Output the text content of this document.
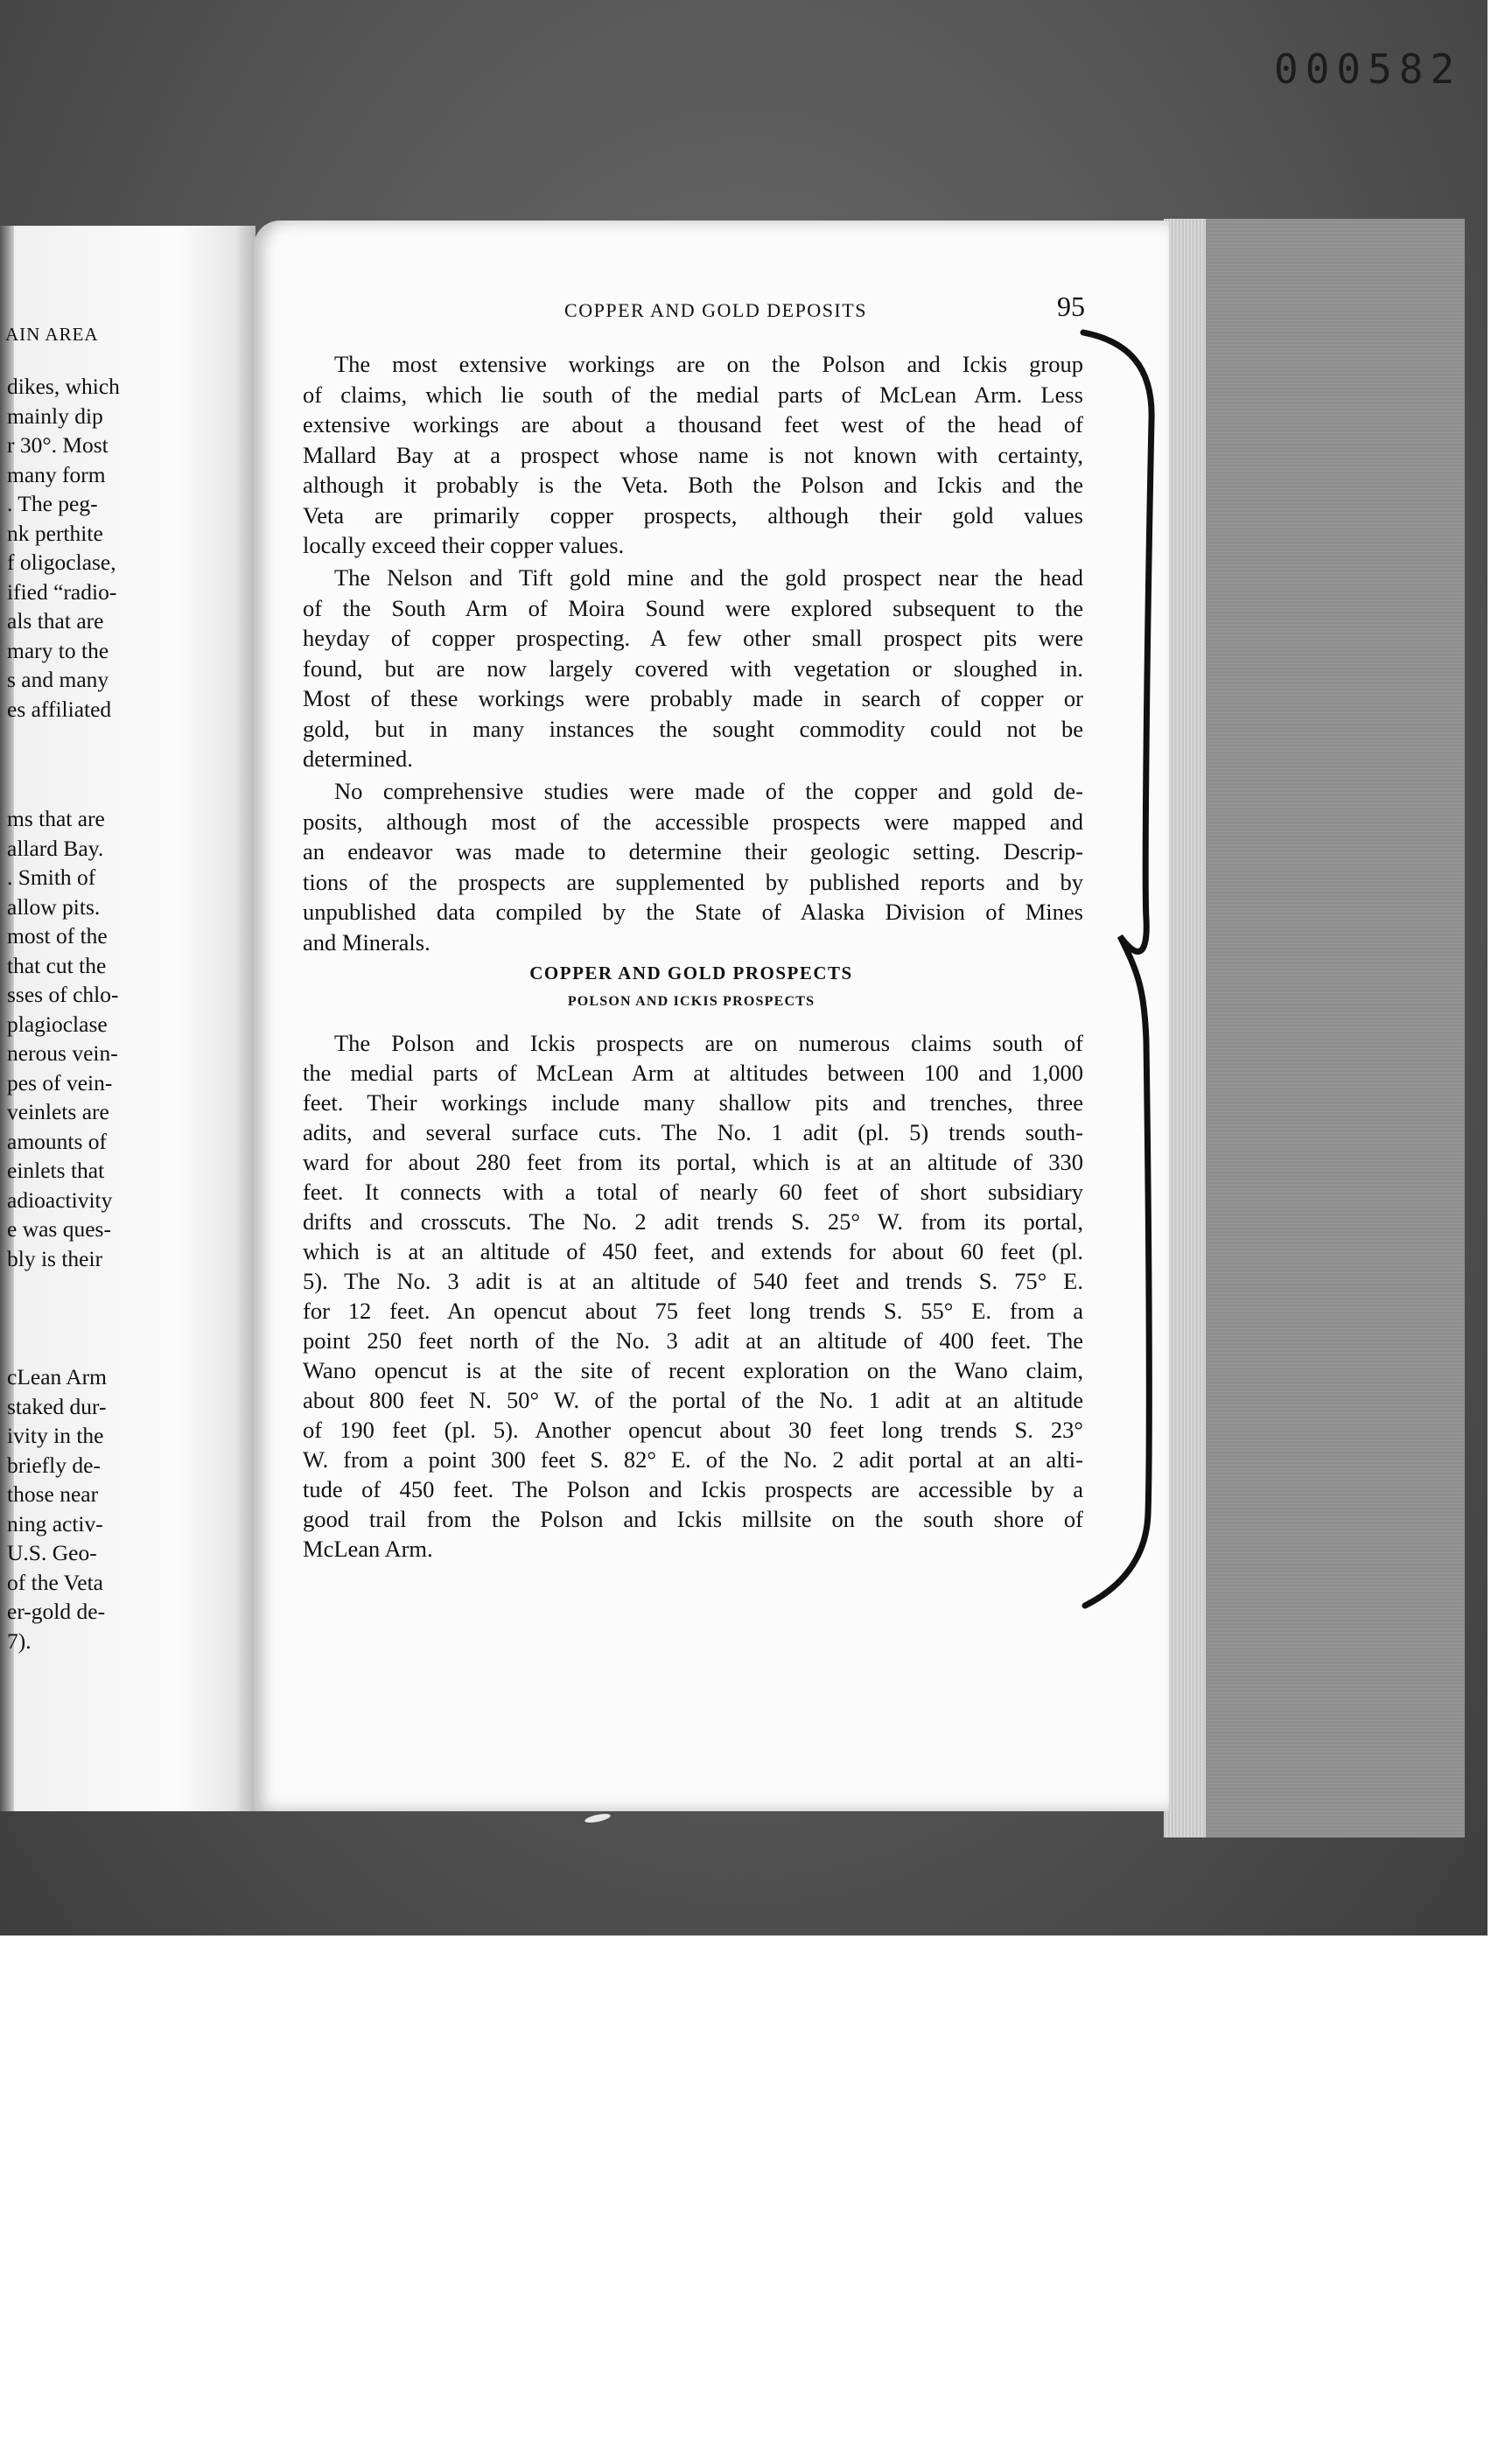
000582
AIN AREA
dikes, which
mainly dip
r 30°. Most
many form
. The peg-
nk perthite
f oligoclase,
ified “radio-
als that are
mary to the
s and many
es affiliated
ms that are
allard Bay.
. Smith of
allow pits.
most of the
that cut the
sses of chlo-
plagioclase
nerous vein-
pes of vein-
veinlets are
amounts of
einlets that
adioactivity
e was ques-
bly is their
cLean Arm
staked dur-
ivity in the
briefly de-
those near
ning activ-
U.S. Geo-
of the Veta
er-gold de-
7).
COPPER AND GOLD DEPOSITS	95
The most extensive workings are on the Polson and Ickis group
of claims, which lie south of the medial parts of McLean Arm. Less
extensive workings are about a thousand feet west of the head of
Mallard Bay at a prospect whose name is not known with certainty,
although it probably is the Veta. Both the Polson and Ickis and the
Veta are primarily copper prospects, although their gold values
locally exceed their copper values.
The Nelson and Tift gold mine and the gold prospect near the head
of the South Arm of Moira Sound were explored subsequent to the
heyday of copper prospecting. A few other small prospect pits were
found, but are now largely covered with vegetation or sloughed in.
Most of these workings were probably made in search of copper or
gold, but in many instances the sought commodity could not be
determined.
No comprehensive studies were made of the copper and gold de-
posits, although most of the accessible prospects were mapped and
an endeavor was made to determine their geologic setting. Descrip-
tions of the prospects are supplemented by published reports and by
unpublished data compiled by the State of Alaska Division of Mines
and Minerals.
COPPER AND GOLD PROSPECTS
POLSON AND ICKIS PROSPECTS
The Polson and Ickis prospects are on numerous claims south of
the medial parts of McLean Arm at altitudes between 100 and 1,000
feet. Their workings include many shallow pits and trenches, three
adits, and several surface cuts. The No. 1 adit (pl. 5) trends south-
ward for about 280 feet from its portal, which is at an altitude of 330
feet. It connects with a total of nearly 60 feet of short subsidiary
drifts and crosscuts. The No. 2 adit trends S. 25° W. from its portal,
which is at an altitude of 450 feet, and extends for about 60 feet (pl.
5). The No. 3 adit is at an altitude of 540 feet and trends S. 75° E.
for 12 feet. An opencut about 75 feet long trends S. 55° E. from a
point 250 feet north of the No. 3 adit at an altitude of 400 feet. The
Wano opencut is at the site of recent exploration on the Wano claim,
about 800 feet N. 50° W. of the portal of the No. 1 adit at an altitude
of 190 feet (pl. 5). Another opencut about 30 feet long trends S. 23°
W. from a point 300 feet S. 82° E. of the No. 2 adit portal at an alti-
tude of 450 feet. The Polson and Ickis prospects are accessible by a
good trail from the Polson and Ickis millsite on the south shore of
McLean Arm.
